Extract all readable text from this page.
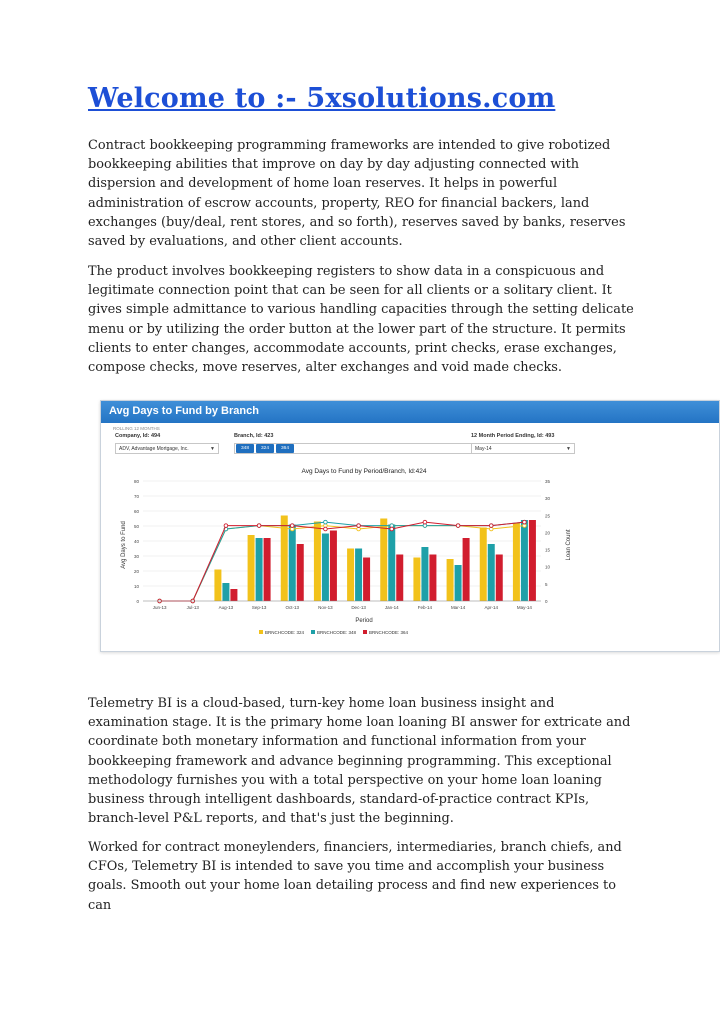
Welcome to :- 5xsolutions.com

Contract bookkeeping programming frameworks are intended to give robotized bookkeeping abilities that improve on day by day adjusting connected with dispersion and development of home loan reserves. It helps in powerful administration of escrow accounts, property, REO for financial backers, land exchanges (buy/deal, rent stores, and so forth), reserves saved by banks, reserves saved by evaluations, and other client accounts.

The product involves bookkeeping registers to show data in a conspicuous and legitimate connection point that can be seen for all clients or a solitary client. It gives simple admittance to various handling capacities through the setting delicate menu or by utilizing the order button at the lower part of the structure. It permits clients to enter changes, accommodate accounts, print checks, erase exchanges, compose checks, move reserves, alter exchanges and void made checks.

Avg Days to Fund by Branch
ROLLING 12 MONTHS
Company, Id: 494
ADV, Advantage Mortgage, Inc.	▼
Branch, Id: 423
348	324	364
12 Month Period Ending, Id: 493
May-14	▼
Avg Days to Fund by Period/Branch, Id:424
0
10
20
30
40
50
60
70
80
0
5
10
15
20
25
30
35
Jun-13	Jul-13	Aug-13	Sep-13	Oct-13	Nov-13	Dec-13	Jan-14	Feb-14	Mar-14	Apr-14	May-14
Avg Days to Fund	Loan Count
Period
BRNCHCODE: 324	BRNCHCODE: 348	BRNCHCODE: 364

Telemetry BI is a cloud-based, turn-key home loan business insight and examination stage. It is the primary home loan loaning BI answer for extricate and coordinate both monetary information and functional information from your bookkeeping framework and advance beginning programming. This exceptional methodology furnishes you with a total perspective on your home loan loaning business through intelligent dashboards, standard-of-practice contract KPIs, branch-level P&L reports, and that's just the beginning.

Worked for contract moneylenders, financiers, intermediaries, branch chiefs, and CFOs, Telemetry BI is intended to save you time and accomplish your business goals. Smooth out your home loan detailing process and find new experiences to can
